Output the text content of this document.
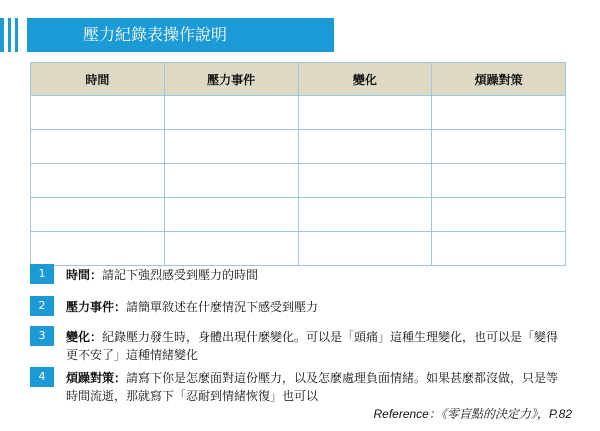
壓力紀錄表操作說明
時間	壓力事件	變化	煩躁對策

1	時間：請記下強烈感受到壓力的時間
2	壓力事件：請簡單敘述在什麼情況下感受到壓力
3	變化：紀錄壓力發生時，身體出現什麼變化。可以是「頭痛」這種生理變化，也可以是「變得更不安了」這種情緒變化
4	煩躁對策：請寫下你是怎麼面對這份壓力，以及怎麼處理負面情緒。如果甚麼都沒做，只是等時間流逝，那就寫下「忍耐到情緒恢復」也可以
Reference：《零盲點的決定力》，P.82
